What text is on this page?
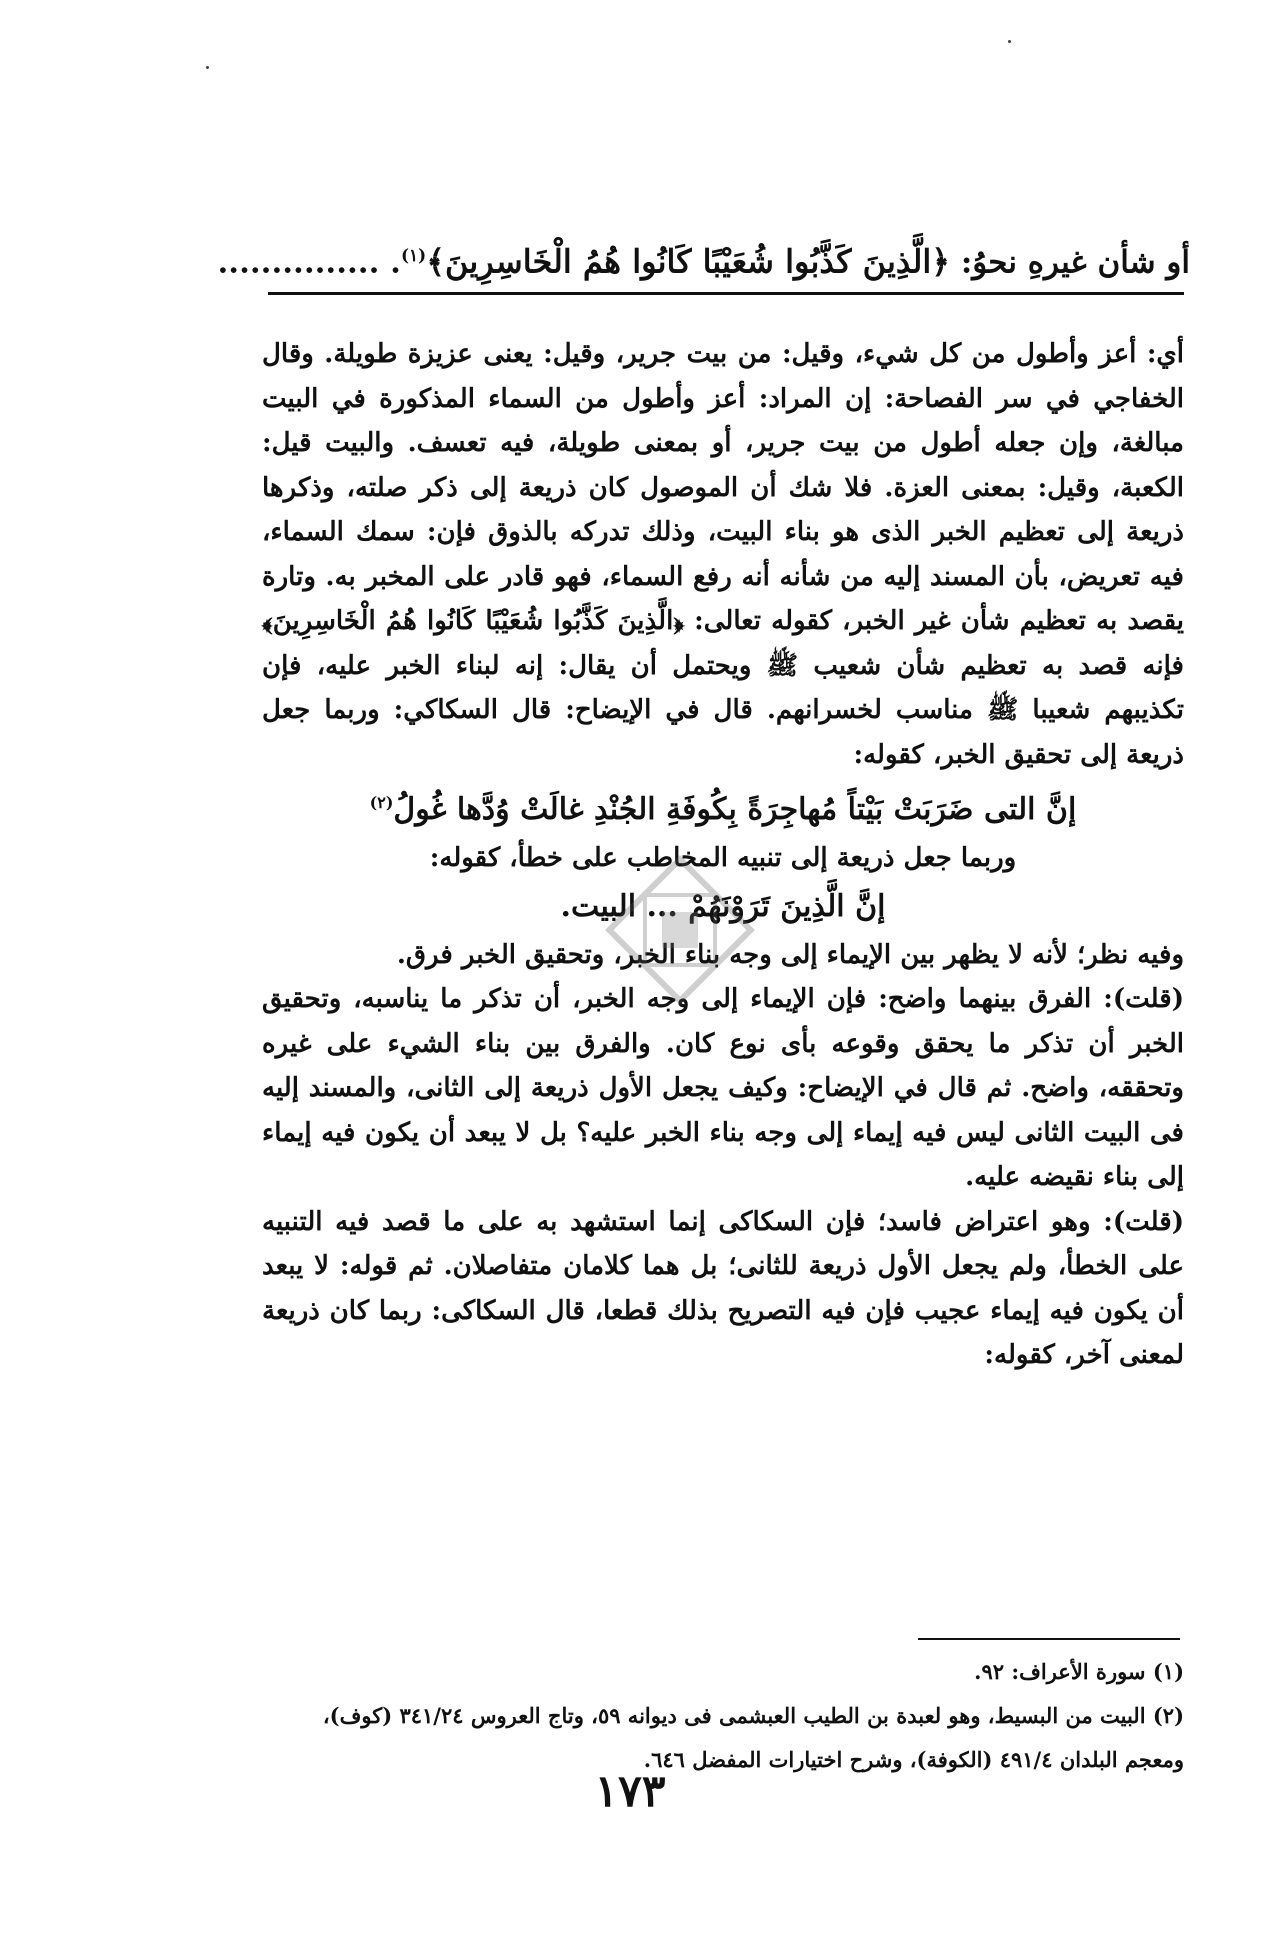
أو شأن غيرهِ نحوُ: ﴿الَّذِينَ كَذَّبُوا شُعَيْبًا كَانُوا هُمُ الْخَاسِرِينَ﴾$^{(١)}$. ...............

أي: أعز وأطول من كل شيء، وقيل: من بيت جرير، وقيل: يعنى عزيزة طويلة. وقال الخفاجي في سر الفصاحة: إن المراد: أعز وأطول من السماء المذكورة في البيت مبالغة، وإن جعله أطول من بيت جرير، أو بمعنى طويلة، فيه تعسف. والبيت قيل: الكعبة، وقيل: بمعنى العزة. فلا شك أن الموصول كان ذريعة إلى ذكر صلته، وذكرها ذريعة إلى تعظيم الخبر الذى هو بناء البيت، وذلك تدركه بالذوق فإن: سمك السماء، فيه تعريض، بأن المسند إليه من شأنه أنه رفع السماء، فهو قادر على المخبر به. وتارة يقصد به تعظيم شأن غير الخبر، كقوله تعالى: ﴿الَّذِينَ كَذَّبُوا شُعَيْبًا كَانُوا هُمُ الْخَاسِرِينَ﴾ فإنه قصد به تعظيم شأن شعيب ﷺ ويحتمل أن يقال: إنه لبناء الخبر عليه، فإن تكذيبهم شعيبا ﷺ مناسب لخسرانهم. قال في الإيضاح: قال السكاكي: وربما جعل ذريعة إلى تحقيق الخبر، كقوله:

إنَّ التى ضَرَبَتْ بَيْتاً مُهاجِرَةً بِكُوفَةِ الجُنْدِ غالَتْ وُدَّها غُولُ$^{(٢)}$

وربما جعل ذريعة إلى تنبيه المخاطب على خطأ، كقوله:

إنَّ الَّذِينَ تَرَوْنَهُمْ ... البيت.

وفيه نظر؛ لأنه لا يظهر بين الإيماء إلى وجه بناء الخبر، وتحقيق الخبر فرق.

(قلت): الفرق بينهما واضح: فإن الإيماء إلى وجه الخبر، أن تذكر ما يناسبه، وتحقيق الخبر أن تذكر ما يحقق وقوعه بأى نوع كان. والفرق بين بناء الشيء على غيره وتحققه، واضح. ثم قال في الإيضاح: وكيف يجعل الأول ذريعة إلى الثانى، والمسند إليه فى البيت الثانى ليس فيه إيماء إلى وجه بناء الخبر عليه؟ بل لا يبعد أن يكون فيه إيماء إلى بناء نقيضه عليه.

(قلت): وهو اعتراض فاسد؛ فإن السكاكى إنما استشهد به على ما قصد فيه التنبيه على الخطأ، ولم يجعل الأول ذريعة للثانى؛ بل هما كلامان متفاصلان. ثم قوله: لا يبعد أن يكون فيه إيماء عجيب فإن فيه التصريح بذلك قطعا، قال السكاكى: ربما كان ذريعة لمعنى آخر، كقوله:

(١) سورة الأعراف: ٩٢.

(٢) البيت من البسيط، وهو لعبدة بن الطيب العبشمى فى ديوانه ٥٩، وتاج العروس ٣٤١/٢٤ (كوف)، ومعجم البلدان ٤٩١/٤ (الكوفة)، وشرح اختيارات المفضل ٦٤٦.

١٧٣
